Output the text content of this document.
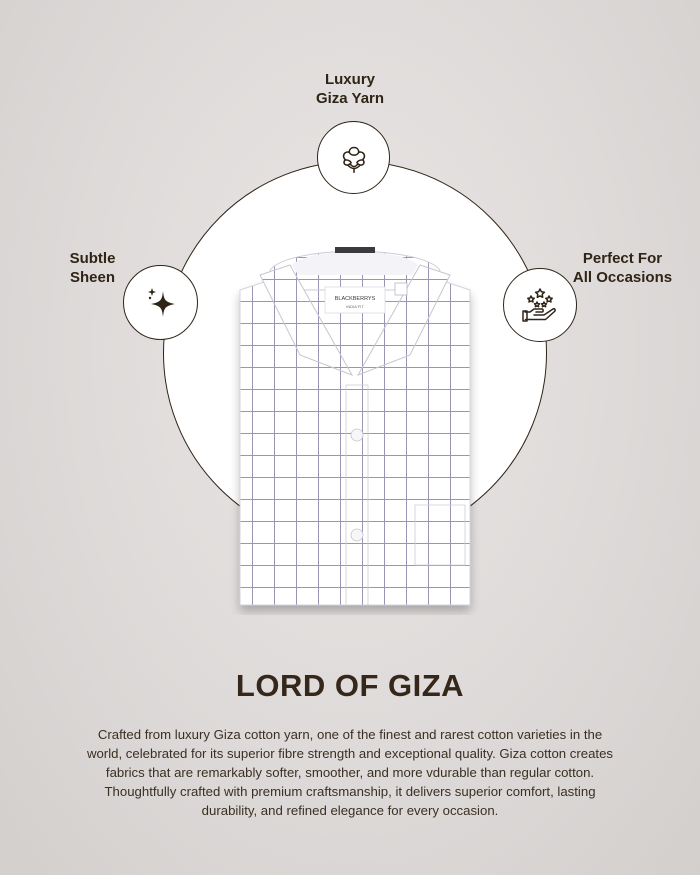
Luxury
Giza Yarn
Subtle
Sheen
Perfect For
All Occasions
BLACKBERRYS
INDIA FIT
LORD OF GIZA
Crafted from luxury Giza cotton yarn, one of the finest and rarest cotton varieties in the world, celebrated for its superior fibre strength and exceptional quality. Giza cotton creates fabrics that are remarkably softer, smoother, and more vdurable than regular cotton. Thoughtfully crafted with premium craftsmanship, it delivers superior comfort, lasting durability, and refined elegance for every occasion.
